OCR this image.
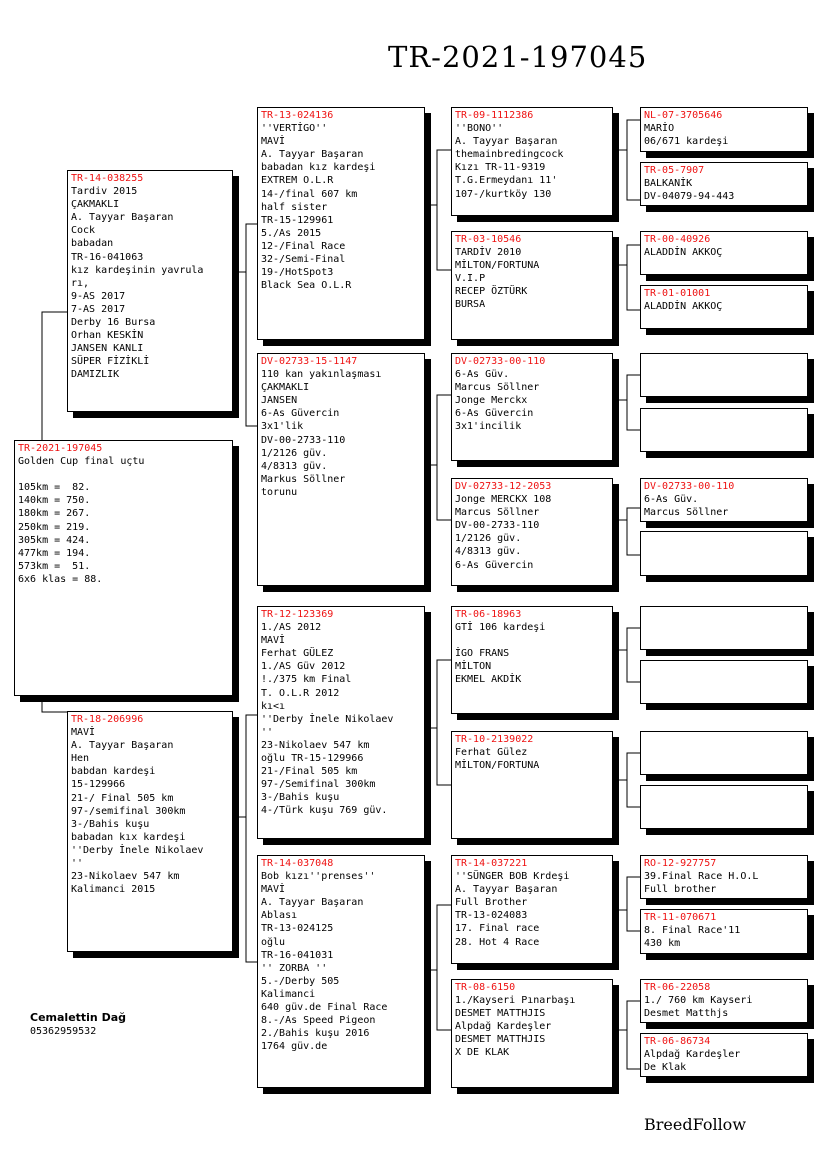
TR-2021-197045
TR-2021-197045
Golden Cup final uçtu

105km =  82.
140km = 750.
180km = 267.
250km = 219.
305km = 424.
477km = 194.
573km =  51.
6x6 klas = 88.
TR-14-038255
Tardiv 2015
ÇAKMAKLI
A. Tayyar Başaran
Cock
babadan
TR-16-041063
kız kardeşinin yavrula
rı,
9-AS 2017
7-AS 2017
Derby 16 Bursa
Orhan KESKİN
JANSEN KANLI
SÜPER FİZİKLİ
DAMIZLIK
TR-18-206996
MAVİ
A. Tayyar Başaran
Hen
babdan kardeşi
15-129966
21-/ Final 505 km
97-/semifinal 300km
3-/Bahis kuşu
babadan kıx kardeşi
''Derby İnele Nikolaev
''
23-Nikolaev 547 km
Kalimanci 2015
TR-13-024136
''VERTİGO''
MAVİ
A. Tayyar Başaran
babadan kız kardeşi
EXTREM O.L.R
14-/final 607 km
half sister
TR-15-129961
5./As 2015
12-/Final Race
32-/Semi-Final
19-/HotSpot3
Black Sea O.L.R
DV-02733-15-1147
110 kan yakınlaşması
ÇAKMAKLI
JANSEN
6-As Güvercin
3x1'lik
DV-00-2733-110
1/2126 güv.
4/8313 güv.
Markus Söllner
torunu
TR-12-123369
1./AS 2012
MAVİ
Ferhat GÜLEZ
1./AS Güv 2012
!./375 km Final
T. O.L.R 2012
kı<ı
''Derby İnele Nikolaev
''
23-Nikolaev 547 km
oğlu TR-15-129966
21-/Final 505 km
97-/Semifinal 300km
3-/Bahis kuşu
4-/Türk kuşu 769 güv.
TR-14-037048
Bob kızı''prenses''
MAVİ
A. Tayyar Başaran
Ablası
TR-13-024125
oğlu
TR-16-041031
'' ZORBA ''
5.-/Derby 505
Kalimanci
640 güv.de Final Race
8.-/As Speed Pigeon
2./Bahis kuşu 2016
1764 güv.de
TR-09-1112386
''BONO''
A. Tayyar Başaran
themainbredingcock
Kızı TR-11-9319
T.G.Ermeydanı 11'
107-/kurtköy 130
TR-03-10546
TARDİV 2010
MİLTON/FORTUNA
V.I.P
RECEP ÖZTÜRK
BURSA
DV-02733-00-110
6-As Güv.
Marcus Söllner
Jonge Merckx
6-As Güvercin
3x1'incilik
DV-02733-12-2053
Jonge MERCKX 108
Marcus Söllner
DV-00-2733-110
1/2126 güv.
4/8313 güv.
6-As Güvercin
TR-06-18963
GTİ 106 kardeşi

İGO FRANS
MİLTON
EKMEL AKDİK
TR-10-2139022
Ferhat Gülez
MİLTON/FORTUNA
TR-14-037221
''SÜNGER BOB Krdeşi
A. Tayyar Başaran
Full Brother
TR-13-024083
17. Final race
28. Hot 4 Race
TR-08-6150
1./Kayseri Pınarbaşı
DESMET MATTHJIS
Alpdağ Kardeşler
DESMET MATTHJIS
X DE KLAK
NL-07-3705646
MARİO
06/671 kardeşi
TR-05-7907
BALKANİK
DV-04079-94-443
TR-00-40926
ALADDİN AKKOÇ
TR-01-01001
ALADDİN AKKOÇ
DV-02733-00-110
6-As Güv.
Marcus Söllner
RO-12-927757
39.Final Race H.O.L
Full brother
TR-11-070671
8. Final Race'11
430 km
TR-06-22058
1./ 760 km Kayseri
Desmet Matthjs
TR-06-86734
Alpdağ Kardeşler
De Klak
Cemalettin Dağ
05362959532
BreedFollow
